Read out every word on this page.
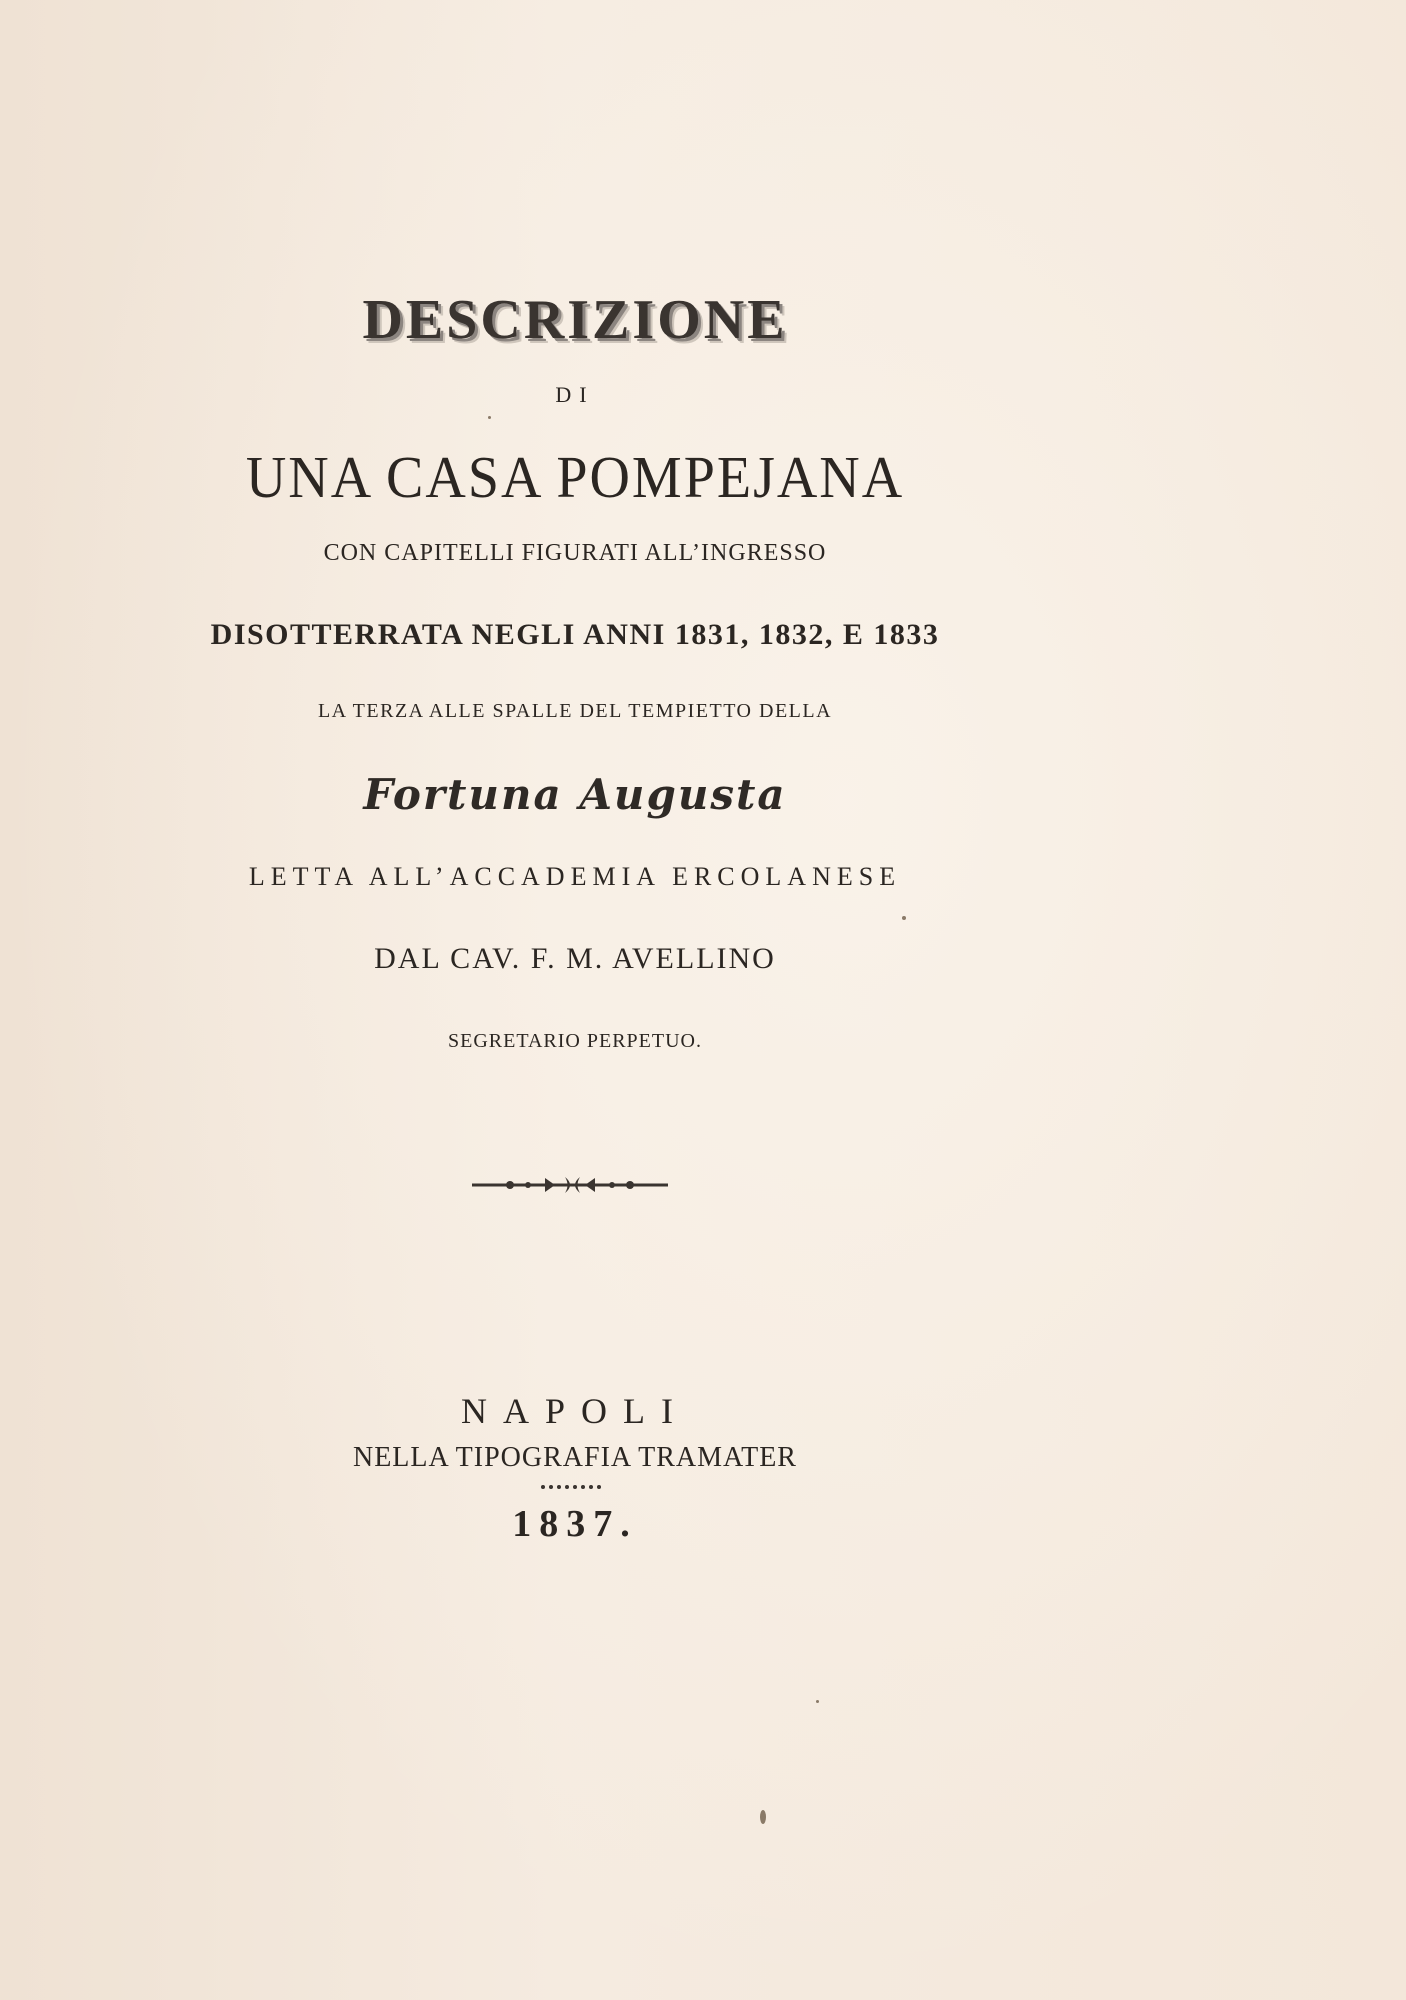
DESCRIZIONE
DI
UNA CASA POMPEJANA
CON CAPITELLI FIGURATI ALL’INGRESSO
DISOTTERRATA NEGLI ANNI 1831, 1832, E 1833
LA TERZA ALLE SPALLE DEL TEMPIETTO DELLA
Fortuna Augusta
LETTA ALL’ACCADEMIA ERCOLANESE
DAL CAV. F. M. AVELLINO
SEGRETARIO PERPETUO.
NAPOLI
NELLA TIPOGRAFIA TRAMATER
1837.
